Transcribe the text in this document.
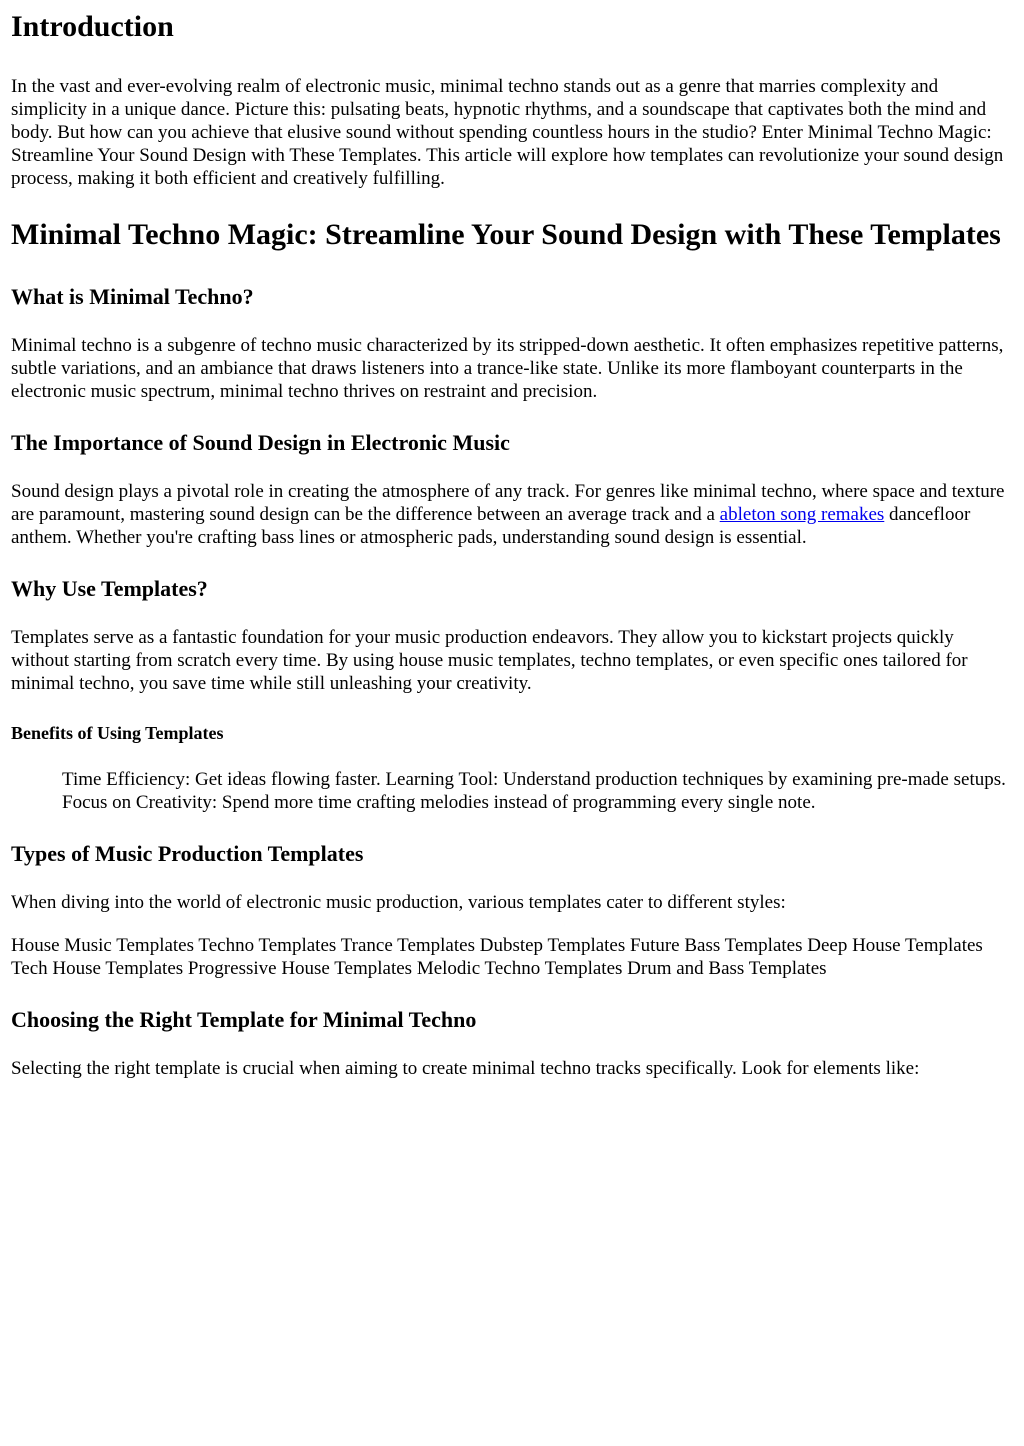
Introduction

In the vast and ever-evolving realm of electronic music, minimal techno stands out as a genre that marries complexity and simplicity in a unique dance. Picture this: pulsating beats, hypnotic rhythms, and a soundscape that captivates both the mind and body. But how can you achieve that elusive sound without spending countless hours in the studio? Enter Minimal Techno Magic: Streamline Your Sound Design with These Templates. This article will explore how templates can revolutionize your sound design process, making it both efficient and creatively fulfilling.

Minimal Techno Magic: Streamline Your Sound Design with These Templates
What is Minimal Techno?

Minimal techno is a subgenre of techno music characterized by its stripped-down aesthetic. It often emphasizes repetitive patterns, subtle variations, and an ambiance that draws listeners into a trance-like state. Unlike its more flamboyant counterparts in the electronic music spectrum, minimal techno thrives on restraint and precision.

The Importance of Sound Design in Electronic Music

Sound design plays a pivotal role in creating the atmosphere of any track. For genres like minimal techno, where space and texture are paramount, mastering sound design can be the difference between an average track and a ableton song remakes dancefloor anthem. Whether you're crafting bass lines or atmospheric pads, understanding sound design is essential.

Why Use Templates?

Templates serve as a fantastic foundation for your music production endeavors. They allow you to kickstart projects quickly without starting from scratch every time. By using house music templates, techno templates, or even specific ones tailored for minimal techno, you save time while still unleashing your creativity.

Benefits of Using Templates
Time Efficiency: Get ideas flowing faster. Learning Tool: Understand production techniques by examining pre-made setups. Focus on Creativity: Spend more time crafting melodies instead of programming every single note.
Types of Music Production Templates

When diving into the world of electronic music production, various templates cater to different styles:

House Music Templates Techno Templates Trance Templates Dubstep Templates Future Bass Templates Deep House Templates Tech House Templates Progressive House Templates Melodic Techno Templates Drum and Bass Templates

Choosing the Right Template for Minimal Techno

Selecting the right template is crucial when aiming to create minimal techno tracks specifically. Look for elements like:
